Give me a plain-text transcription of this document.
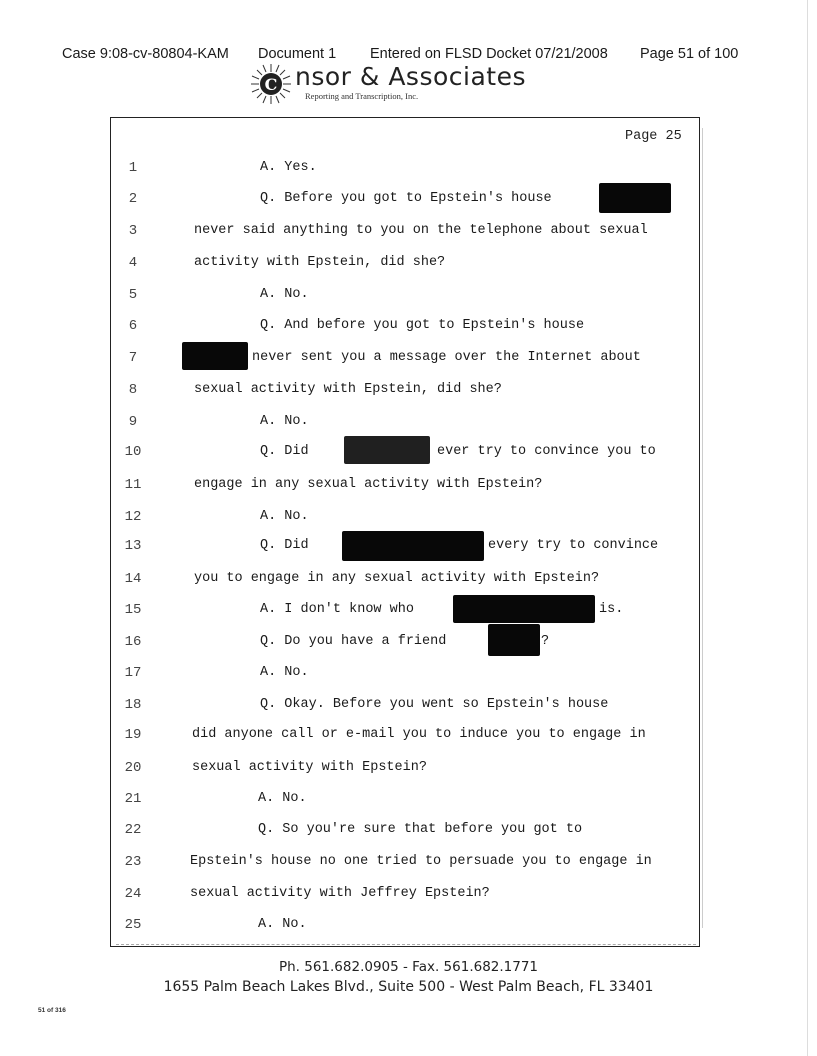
Case 9:08-cv-80804-KAM Document 1 Entered on FLSD Docket 07/21/2008 Page 51 of 100
C nsor & Associates
Reporting and Transcription, Inc.
Page 25
1	A. Yes.
2	Q. Before you got to Epstein's house
3	never said anything to you on the telephone about sexual
4	activity with Epstein, did she?
5	A. No.
6	Q. And before you got to Epstein's house
7	never sent you a message over the Internet about
8	sexual activity with Epstein, did she?
9	A. No.
10	Q. Did	ever try to convince you to
11	engage in any sexual activity with Epstein?
12	A. No.
13	Q. Did	every try to convince
14	you to engage in any sexual activity with Epstein?
15	A. I don't know who	is.
16	Q. Do you have a friend	?
17	A. No.
18	Q. Okay. Before you went so Epstein's house
19	did anyone call or e-mail you to induce you to engage in
20	sexual activity with Epstein?
21	A. No.
22	Q. So you're sure that before you got to
23	Epstein's house no one tried to persuade you to engage in
24	sexual activity with Jeffrey Epstein?
25	A. No.
Ph. 561.682.0905 - Fax. 561.682.1771
1655 Palm Beach Lakes Blvd., Suite 500 - West Palm Beach, FL 33401
51 of 316
